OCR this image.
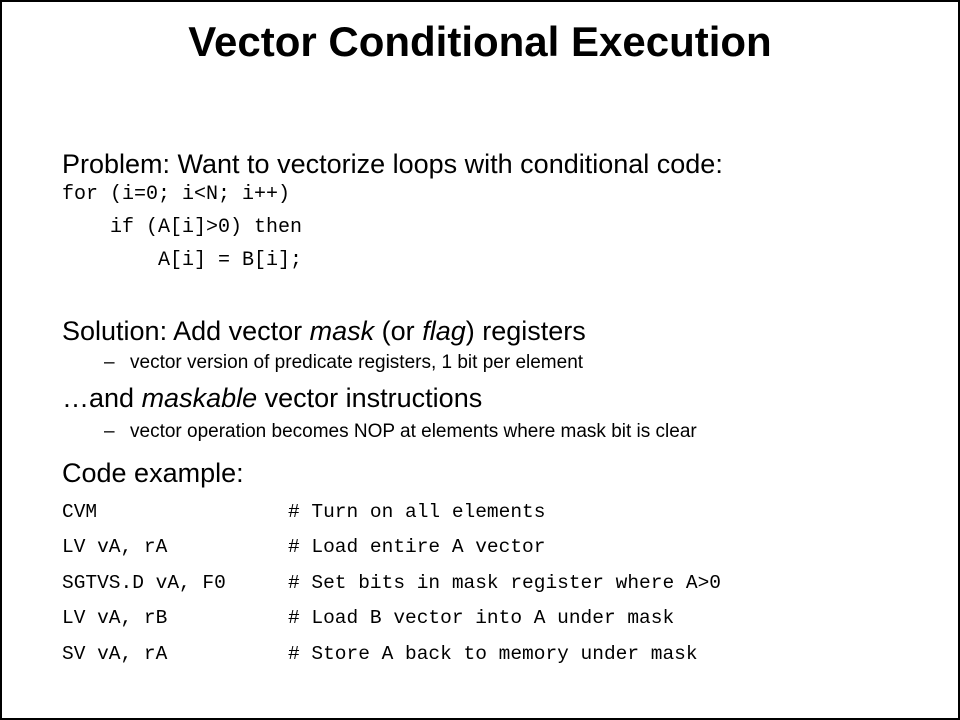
Vector Conditional Execution
Problem: Want to vectorize loops with conditional code:
for (i=0; i<N; i++)
if (A[i]>0) then
A[i] = B[i];
Solution: Add vector mask (or flag) registers
– vector version of predicate registers, 1 bit per element
…and maskable vector instructions
– vector operation becomes NOP at elements where mask bit is clear
Code example:
CVM	# Turn on all elements
LV vA, rA	# Load entire A vector
SGTVS.D vA, F0	# Set bits in mask register where A>0
LV vA, rB	# Load B vector into A under mask
SV vA, rA	# Store A back to memory under mask
